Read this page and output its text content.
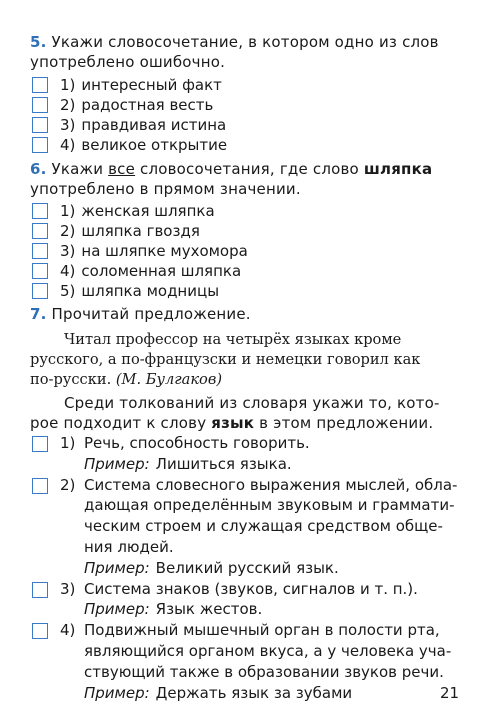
5. Укажи словосочетание, в котором одно из слов
употреблено ошибочно.
1) интересный факт
2) радостная весть
3) правдивая истина
4) великое открытие
6. Укажи все словосочетания, где слово шляпка
употреблено в прямом значении.
1) женская шляпка
2) шляпка гвоздя
3) на шляпке мухомора
4) соломенная шляпка
5) шляпка модницы
7. Прочитай предложение.
Читал профессор на четырёх языках кроме
русского, а по-французски и немецки говорил как
по-русски. (М. Булгаков)
Среди толкований из словаря укажи то, кото-
рое подходит к слову язык в этом предложении.
1) Речь, способность говорить.
Пример: Лишиться языка.
2) Система словесного выражения мыслей, обла-
дающая определённым звуковым и граммати-
ческим строем и служащая средством обще-
ния людей.
Пример: Великий русский язык.
3) Система знаков (звуков, сигналов и т. п.).
Пример: Язык жестов.
4) Подвижный мышечный орган в полости рта,
являющийся органом вкуса, а у человека уча-
ствующий также в образовании звуков речи.
Пример: Держать язык за зубами	21
